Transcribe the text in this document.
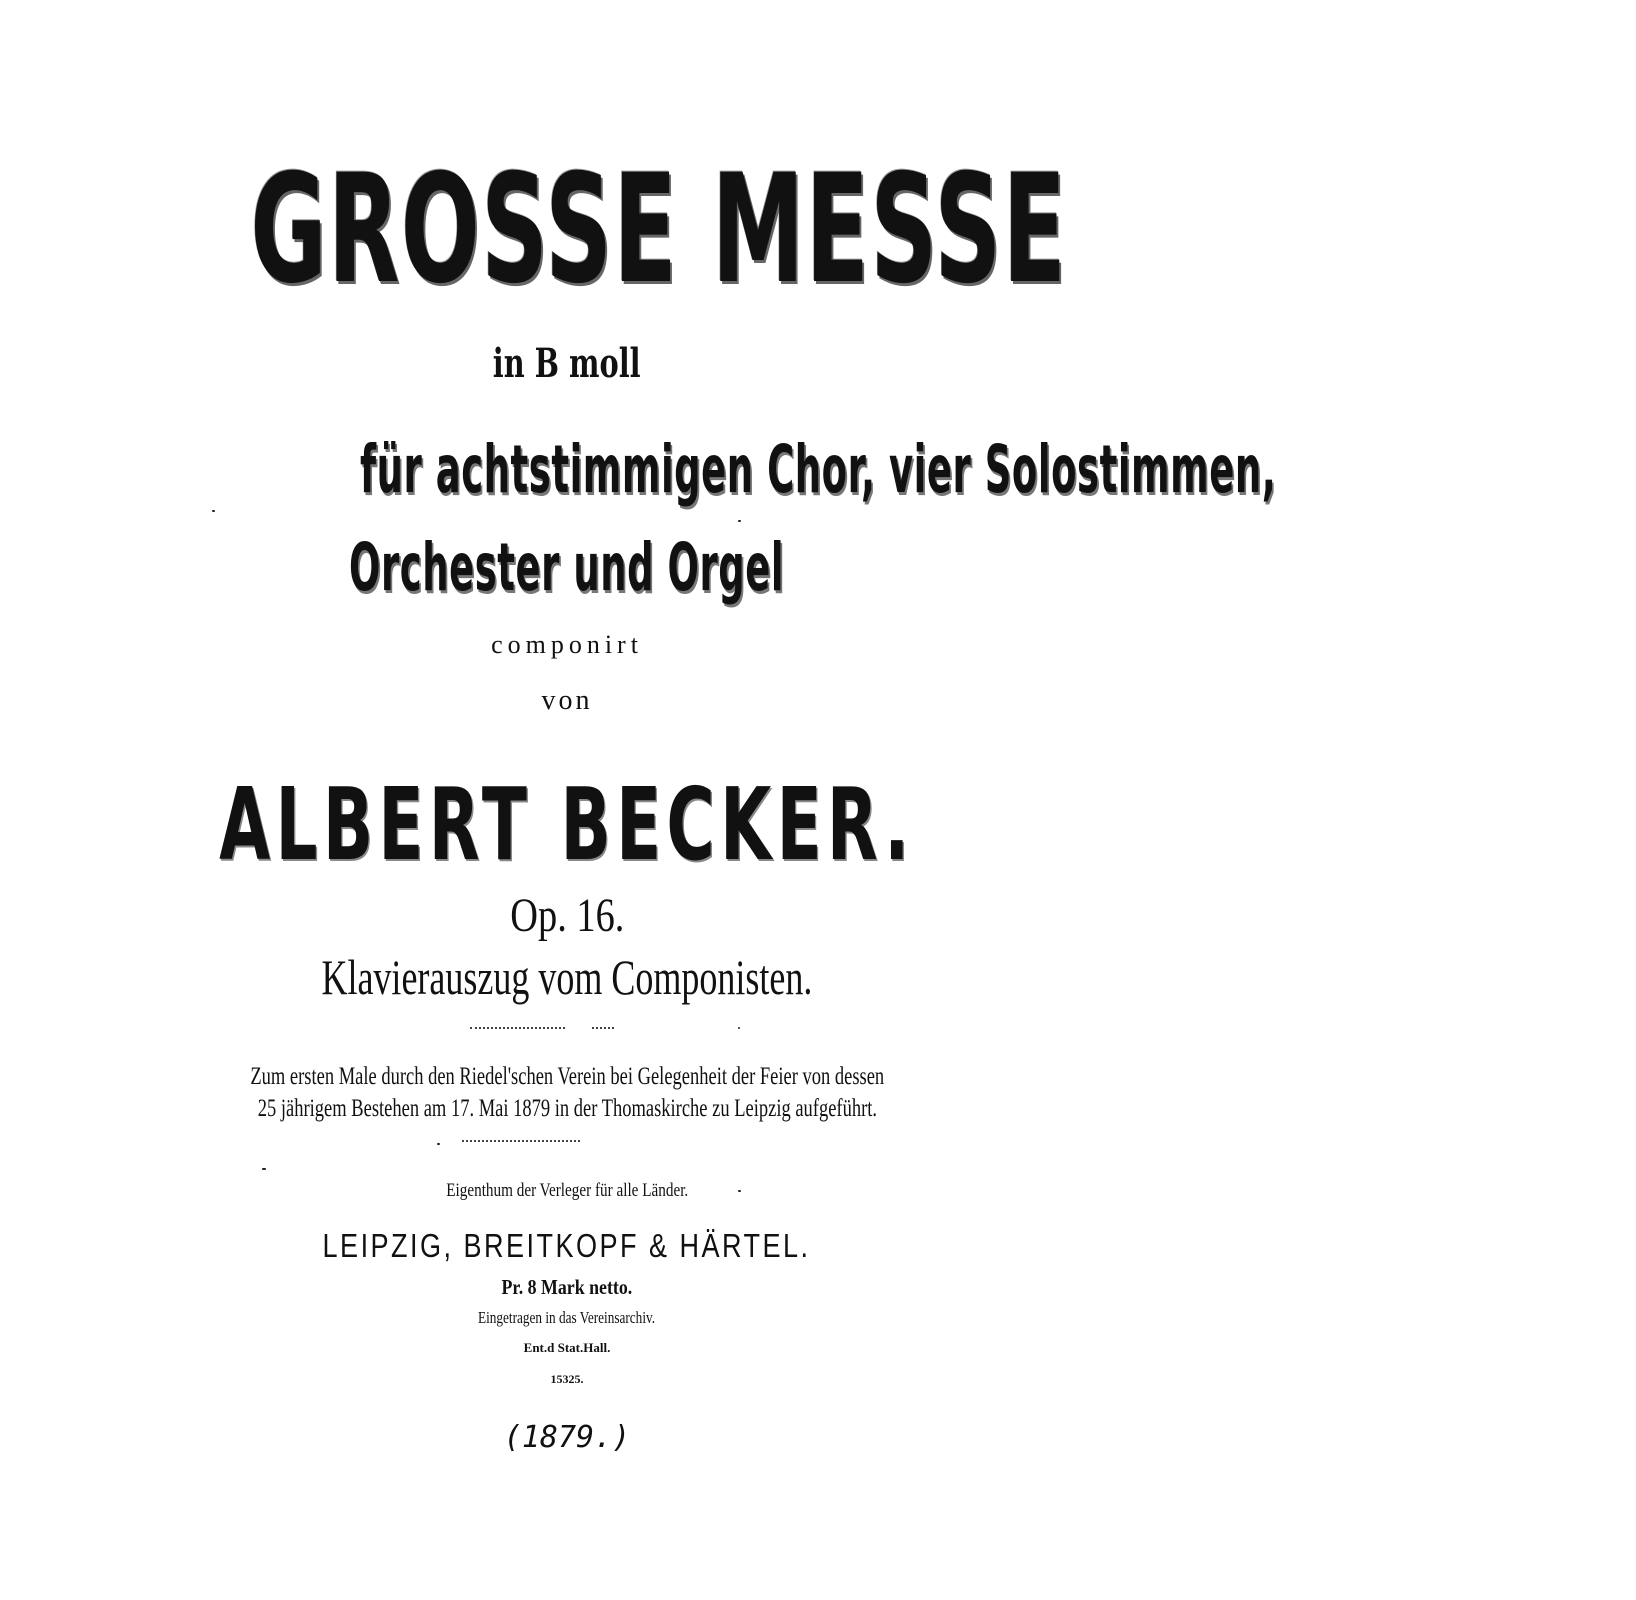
GROSSE MESSE
in B moll
für achtstimmigen Chor, vier Solostimmen,
Orchester und Orgel
componirt
von
ALBERT BECKER.
Op. 16.
Klavierauszug vom Componisten.
Zum ersten Male durch den Riedel'schen Verein bei Gelegenheit der Feier von dessen
25 jährigem Bestehen am 17. Mai 1879 in der Thomaskirche zu Leipzig aufgeführt.
Eigenthum der Verleger für alle Länder.
LEIPZIG, BREITKOPF & HÄRTEL.
Pr. 8 Mark netto.
Eingetragen in das Vereinsarchiv.
Ent.d Stat.Hall.
15325.
(1879.)
